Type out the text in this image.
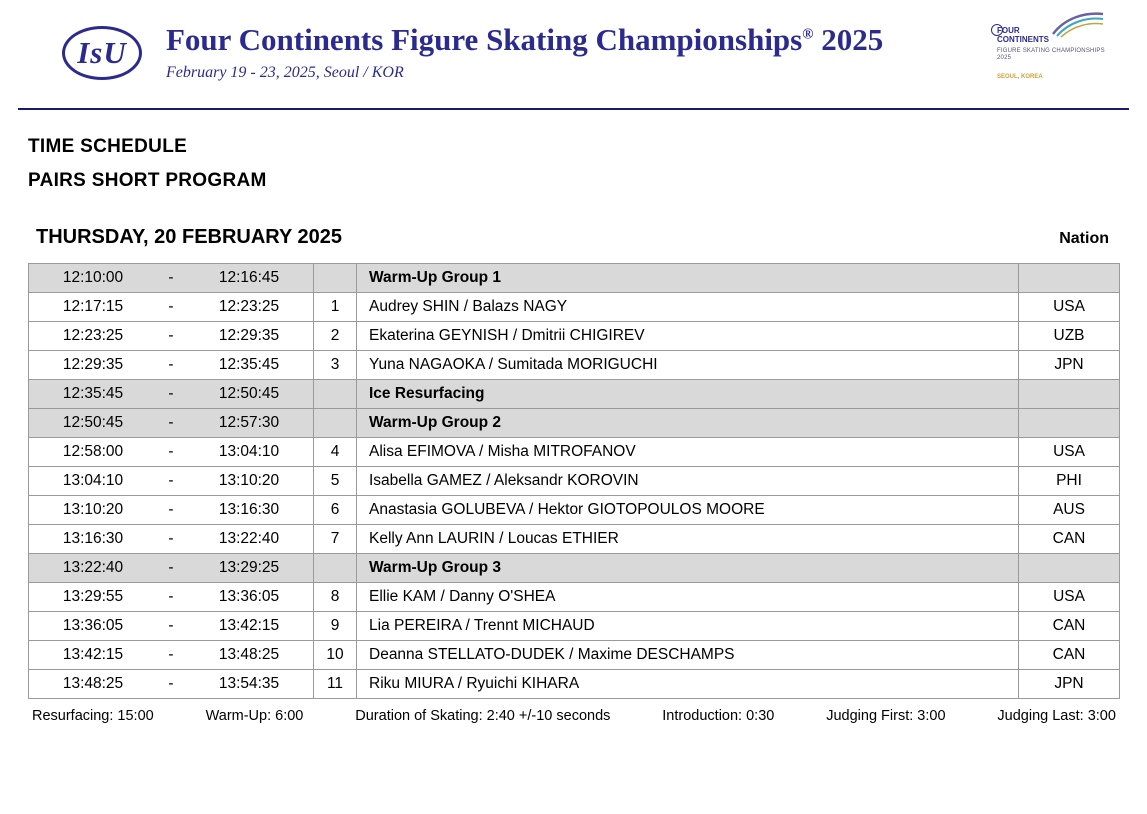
IsU	Four Continents Figure Skating Championships® 2025
February 19 - 23, 2025, Seoul / KOR
FOUR
CONTINENTS
FIGURE SKATING CHAMPIONSHIPS 2025
SEOUL, KOREA
TIME SCHEDULE
PAIRS SHORT PROGRAM
THURSDAY, 20 FEBRUARY 2025	Nation
12:10:00	-	12:16:45		Warm-Up Group 1	
12:17:15	-	12:23:25	1	Audrey SHIN / Balazs NAGY	USA
12:23:25	-	12:29:35	2	Ekaterina GEYNISH / Dmitrii CHIGIREV	UZB
12:29:35	-	12:35:45	3	Yuna NAGAOKA / Sumitada MORIGUCHI	JPN
12:35:45	-	12:50:45		Ice Resurfacing	
12:50:45	-	12:57:30		Warm-Up Group 2	
12:58:00	-	13:04:10	4	Alisa EFIMOVA / Misha MITROFANOV	USA
13:04:10	-	13:10:20	5	Isabella GAMEZ / Aleksandr KOROVIN	PHI
13:10:20	-	13:16:30	6	Anastasia GOLUBEVA / Hektor GIOTOPOULOS MOORE	AUS
13:16:30	-	13:22:40	7	Kelly Ann LAURIN / Loucas ETHIER	CAN
13:22:40	-	13:29:25		Warm-Up Group 3	
13:29:55	-	13:36:05	8	Ellie KAM / Danny O'SHEA	USA
13:36:05	-	13:42:15	9	Lia PEREIRA / Trennt MICHAUD	CAN
13:42:15	-	13:48:25	10	Deanna STELLATO-DUDEK / Maxime DESCHAMPS	CAN
13:48:25	-	13:54:35	11	Riku MIURA / Ryuichi KIHARA	JPN
Resurfacing: 15:00	Warm-Up: 6:00	Duration of Skating: 2:40 +/-10 seconds	Introduction: 0:30	Judging First: 3:00	Judging Last: 3:00
